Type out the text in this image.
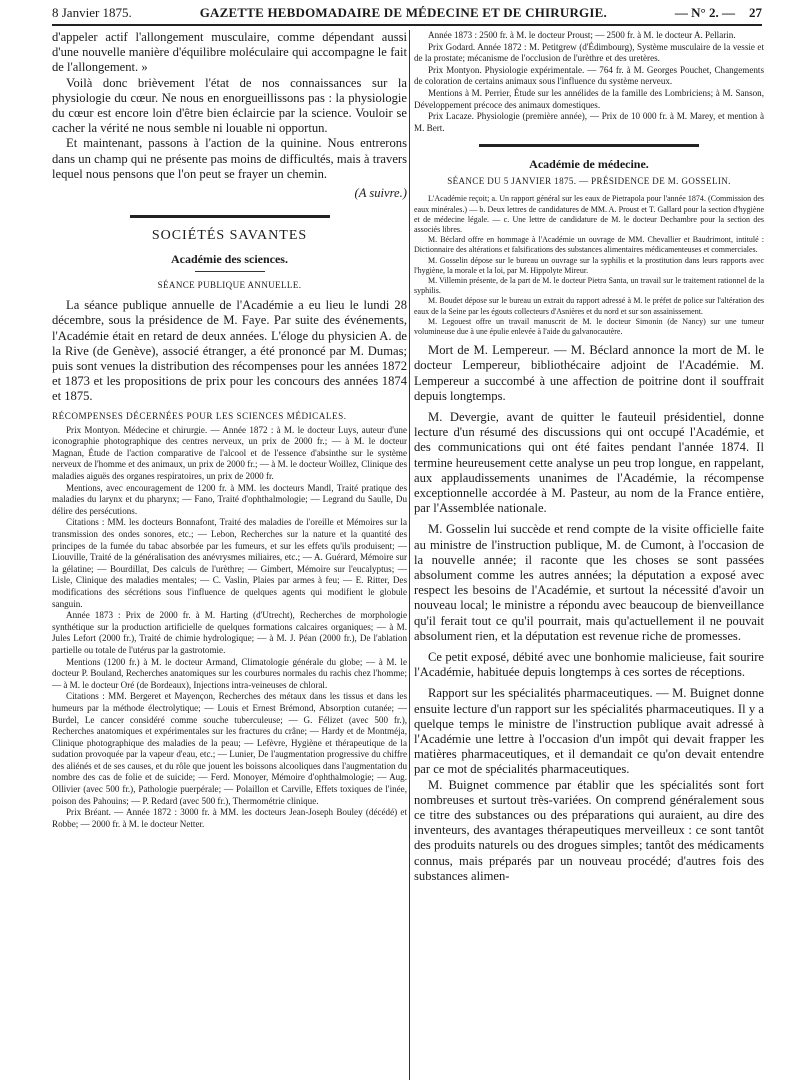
8 Janvier 1875.	GAZETTE HEBDOMADAIRE DE MÉDECINE ET DE CHIRURGIE.	— N° 2. — 27

d'appeler actif l'allongement musculaire, comme dépendant aussi d'une nouvelle manière d'équilibre moléculaire qui accompagne le fait de l'allongement. »

Voilà donc brièvement l'état de nos connaissances sur la physiologie du cœur. Ne nous en enorgueillissons pas : la physiologie du cœur est encore loin d'être bien éclaircie par la science. Vouloir se cacher la vérité ne nous semble ni louable ni opportun.

Et maintenant, passons à l'action de la quinine. Nous entrerons dans un champ qui ne présente pas moins de difficultés, mais à travers lequel nous pensons que l'on peut se frayer un chemin.

(A suivre.)

SOCIÉTÉS SAVANTES
Académie des sciences.
SÉANCE PUBLIQUE ANNUELLE.

La séance publique annuelle de l'Académie a eu lieu le lundi 28 décembre, sous la présidence de M. Faye. Par suite des événements, l'Académie était en retard de deux années. L'éloge du physicien A. de la Rive (de Genève), associé étranger, a été prononcé par M. Dumas; puis sont venues la distribution des récompenses pour les années 1872 et 1873 et les propositions de prix pour les concours des années 1874 et 1875.

RÉCOMPENSES DÉCERNÉES POUR LES SCIENCES MÉDICALES.

Prix Montyon. Médecine et chirurgie. — Année 1872 : à M. le docteur Luys, auteur d'une iconographie photographique des centres nerveux, un prix de 2000 fr.; — à M. le docteur Magnan, Étude de l'action comparative de l'alcool et de l'essence d'absinthe sur le système nerveux de l'homme et des animaux, un prix de 2000 fr.; — à M. le docteur Woillez, Clinique des maladies aiguës des organes respiratoires, un prix de 2000 fr.

Mentions, avec encouragement de 1200 fr. à MM. les docteurs Mandl, Traité pratique des maladies du larynx et du pharynx; — Fano, Traité d'ophthalmologie; — Legrand du Saulle, Du délire des persécutions.

Citations : MM. les docteurs Bonnafont, Traité des maladies de l'oreille et Mémoires sur la transmission des ondes sonores, etc.; — Lebon, Recherches sur la nature et la quantité des principes de la fumée du tabac absorbée par les fumeurs, et sur les effets qu'ils produisent; — Liouville, Traité de la généralisation des anévrysmes miliaires, etc.; — A. Guérard, Mémoire sur la gélatine; — Bourdillat, Des calculs de l'urèthre; — Gimbert, Mémoire sur l'eucalyptus; — Lisle, Clinique des maladies mentales; — C. Vaslin, Plaies par armes à feu; — E. Ritter, Des modifications des sécrétions sous l'influence de quelques agents qui modifient le globule sanguin.

Année 1873 : Prix de 2000 fr. à M. Harting (d'Utrecht), Recherches de morphologie synthétique sur la production artificielle de quelques formations calcaires organiques; — à M. Jules Lefort (2000 fr.), Traité de chimie hydrologique; — à M. J. Péan (2000 fr.), De l'ablation partielle ou totale de l'utérus par la gastrotomie.

Mentions (1200 fr.) à M. le docteur Armand, Climatologie générale du globe; — à M. le docteur P. Bouland, Recherches anatomiques sur les courbures normales du rachis chez l'homme; — à M. le docteur Oré (de Bordeaux), Injections intra-veineuses de chloral.

Citations : MM. Bergeret et Mayençon, Recherches des métaux dans les tissus et dans les humeurs par la méthode électrolytique; — Louis et Ernest Brémond, Absorption cutanée; — Burdel, Le cancer considéré comme souche tuberculeuse; — G. Félizet (avec 500 fr.), Recherches anatomiques et expérimentales sur les fractures du crâne; — Hardy et de Montméja, Clinique photographique des maladies de la peau; — Lefèvre, Hygiène et thérapeutique de la sudation provoquée par la vapeur d'eau, etc.; — Lunier, De l'augmentation progressive du chiffre des aliénés et de ses causes, et du rôle que jouent les boissons alcooliques dans l'augmentation du nombre des cas de folie et de suicide; — Ferd. Monoyer, Mémoire d'ophthalmologie; — Aug. Ollivier (avec 500 fr.), Pathologie puerpérale; — Polaillon et Carville, Effets toxiques de l'inée, poison des Pahouins; — P. Redard (avec 500 fr.), Thermométrie clinique.

Prix Bréant. — Année 1872 : 3000 fr. à MM. les docteurs Jean-Joseph Bouley (décédé) et Robbe; — 2000 fr. à M. le docteur Netter.

Année 1873 : 2500 fr. à M. le docteur Proust; — 2500 fr. à M. le docteur A. Pellarin.

Prix Godard. Année 1872 : M. Petitgrew (d'Édimbourg), Système musculaire de la vessie et de la prostate; mécanisme de l'occlusion de l'urèthre et des uretères.

Prix Montyon. Physiologie expérimentale. — 764 fr. à M. Georges Pouchet, Changements de coloration de certains animaux sous l'influence du système nerveux.

Mentions à M. Perrier, Étude sur les annélides de la famille des Lombriciens; à M. Sanson, Développement précoce des animaux domestiques.

Prix Lacaze. Physiologie (première année), — Prix de 10 000 fr. à M. Marey, et mention à M. Bert.

Académie de médecine.
SÉANCE DU 5 JANVIER 1875. — PRÉSIDENCE DE M. GOSSELIN.

L'Académie reçoit; a. Un rapport général sur les eaux de Pietrapola pour l'année 1874. (Commission des eaux minérales.) — b. Deux lettres de candidatures de MM. A. Proust et T. Gallard pour la section d'hygiène et de médecine légale. — c. Une lettre de candidature de M. le docteur Dechambre pour la section des associés libres.

M. Béclard offre en hommage à l'Académie un ouvrage de MM. Chevallier et Baudrimont, intitulé : Dictionnaire des altérations et falsifications des substances alimentaires médicamenteuses et commerciales.

M. Gosselin dépose sur le bureau un ouvrage sur la syphilis et la prostitution dans leurs rapports avec l'hygiène, la morale et la loi, par M. Hippolyte Mireur.

M. Villemin présente, de la part de M. le docteur Pietra Santa, un travail sur le traitement rationnel de la syphilis.

M. Boudet dépose sur le bureau un extrait du rapport adressé à M. le préfet de police sur l'altération des eaux de la Seine par les égouts collecteurs d'Asnières et du nord et sur son assainissement.

M. Legouest offre un travail manuscrit de M. le docteur Simonin (de Nancy) sur une tumeur volumineuse due à une épulie enlevée à l'aide du galvanocautère.

Mort de M. Lempereur. — M. Béclard annonce la mort de M. le docteur Lempereur, bibliothécaire adjoint de l'Académie. M. Lempereur a succombé à une affection de poitrine dont il souffrait depuis longtemps.

M. Devergie, avant de quitter le fauteuil présidentiel, donne lecture d'un résumé des discussions qui ont occupé l'Académie, et des communications qui ont été faites pendant l'année 1874. Il termine heureusement cette analyse un peu trop longue, en rappelant, aux applaudissements unanimes de l'Académie, la récompense exceptionnelle accordée à M. Pasteur, au nom de la France entière, par l'Assemblée nationale.

M. Gosselin lui succède et rend compte de la visite officielle faite au ministre de l'instruction publique, M. de Cumont, à l'occasion de la nouvelle année; il raconte que les choses se sont passées absolument comme les autres années; la députation a exposé avec respect les besoins de l'Académie, et surtout la nécessité d'avoir un nouveau local; le ministre a répondu avec beaucoup de bienveillance qu'il ferait tout ce qu'il pourrait, mais qu'actuellement il ne pouvait absolument rien, et la députation est revenue riche de promesses.

Ce petit exposé, débité avec une bonhomie malicieuse, fait sourire l'Académie, habituée depuis longtemps à ces sortes de réceptions.

Rapport sur les spécialités pharmaceutiques. — M. Buignet donne ensuite lecture d'un rapport sur les spécialités pharmaceutiques. Il y a quelque temps le ministre de l'instruction publique avait adressé à l'Académie une lettre à l'occasion d'un impôt qui devait frapper les matières pharmaceutiques, et il demandait ce qu'on devait entendre par ce mot de spécialités pharmaceutiques.

M. Buignet commence par établir que les spécialités sont fort nombreuses et surtout très-variées. On comprend généralement sous ce titre des substances ou des préparations qui auraient, au dire des inventeurs, des avantages thérapeutiques merveilleux : ce sont tantôt des produits naturels ou des drogues simples; tantôt des médicaments connus, mais préparés par un nouveau procédé; d'autres fois des substances alimen-
